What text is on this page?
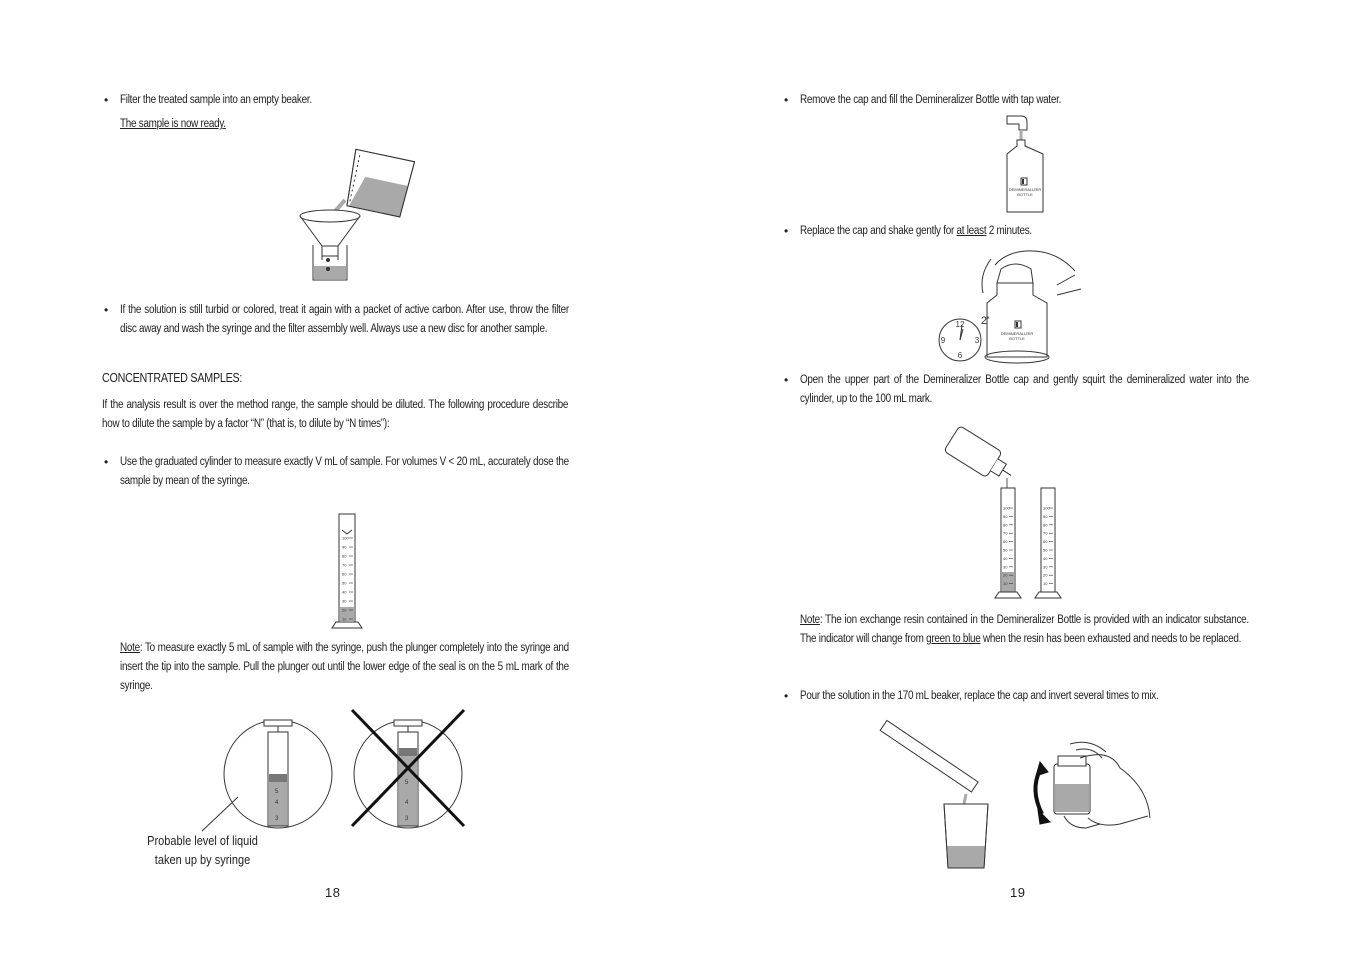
• Filter the treated sample into an empty beaker.
The sample is now ready.
• If the solution is still turbid or colored, treat it again with a packet of active carbon. After use, throw the filter disc away and wash the syringe and the filter assembly well. Always use a new disc for another sample.
CONCENTRATED SAMPLES:
If the analysis result is over the method range, the sample should be diluted. The following procedure describe how to dilute the sample by a factor “N” (that is, to dilute by “N times”):
• Use the graduated cylinder to measure exactly V mL of sample. For volumes V < 20 mL, accurately dose the sample by mean of the syringe.
100
90
80
70
60
50
40
30
20
10
Note: To measure exactly 5 mL of sample with the syringe, push the plunger completely into the syringe and insert the tip into the sample. Pull the plunger out until the lower edge of the seal is on the 5 mL mark of the syringe.
5
4
3
5
4
3
Probable level of liquid
taken up by syringe
18
• Remove the cap and fill the Demineralizer Bottle with tap water.
DEMINERALIZER
BOTTLE
• Replace the cap and shake gently for at least 2 minutes.
12
3
6
9
2'
DEMINERALIZER
BOTTLE
• Open the upper part of the Demineralizer Bottle cap and gently squirt the demineralized water into the cylinder, up to the 100 mL mark.
100
90
80
70
60
50
40
30
20
10
100
90
80
70
60
50
40
30
20
10
Note: The ion exchange resin contained in the Demineralizer Bottle is provided with an indicator substance. The indicator will change from green to blue when the resin has been exhausted and needs to be replaced.
• Pour the solution in the 170 mL beaker, replace the cap and invert several times to mix.
19
